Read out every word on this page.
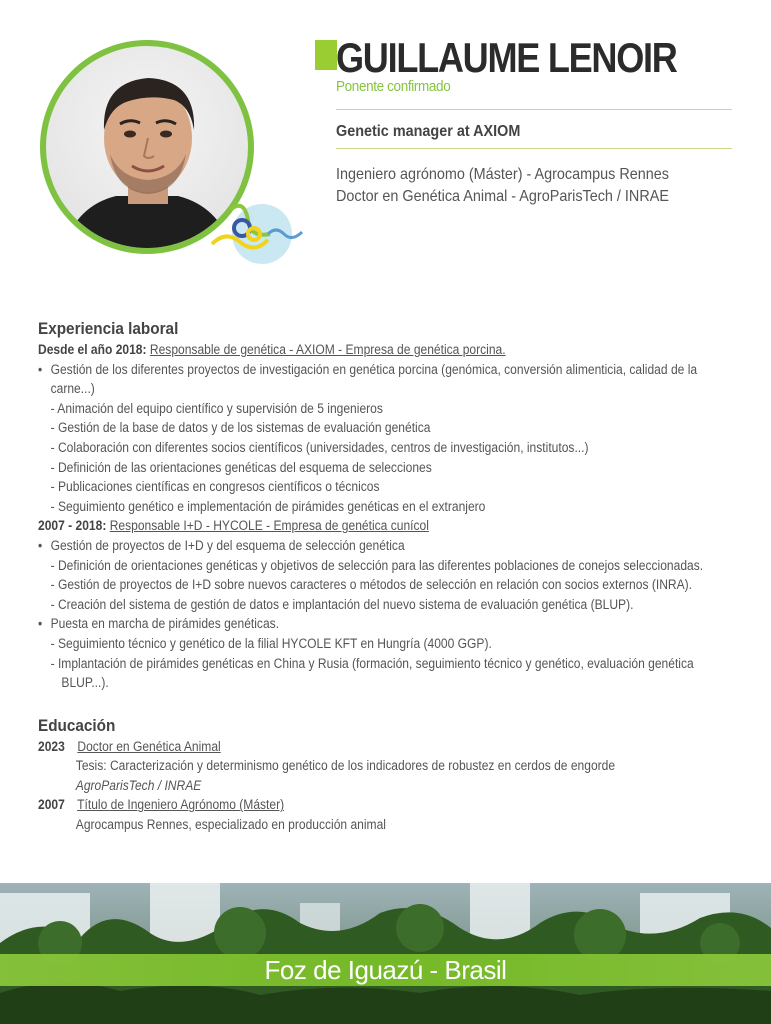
GUILLAUME LENOIR
Ponente confirmado
Genetic manager at AXIOM
Ingeniero agrónomo (Máster) - Agrocampus Rennes
Doctor en Genética Animal - AgroParisTech / INRAE
Experiencia laboral
Desde el año 2018: Responsable de genética - AXIOM - Empresa de genética porcina.
• Gestión de los diferentes proyectos de investigación en genética porcina (genómica, conversión alimenticia, calidad de la carne...)
- Animación del equipo científico y supervisión de 5 ingenieros
- Gestión de la base de datos y de los sistemas de evaluación genética
- Colaboración con diferentes socios científicos (universidades, centros de investigación, institutos...)
- Definición de las orientaciones genéticas del esquema de selecciones
- Publicaciones científicas en congresos científicos o técnicos
- Seguimiento genético e implementación de pirámides genéticas en el extranjero
2007 - 2018: Responsable I+D - HYCOLE - Empresa de genética cunícol
• Gestión de proyectos de I+D y del esquema de selección genética
- Definición de orientaciones genéticas y objetivos de selección para las diferentes poblaciones de conejos seleccionadas.
- Gestión de proyectos de I+D sobre nuevos caracteres o métodos de selección en relación con socios externos (INRA).
- Creación del sistema de gestión de datos e implantación del nuevo sistema de evaluación genética (BLUP).
• Puesta en marcha de pirámides genéticas.
- Seguimiento técnico y genético de la filial HYCOLE KFT en Hungría (4000 GGP).
- Implantación de pirámides genéticas en China y Rusia (formación, seguimiento técnico y genético, evaluación genética BLUP...).
Educación
2023 Doctor en Genética Animal
Tesis: Caracterización y determinismo genético de los indicadores de robustez en cerdos de engorde
AgroParisTech / INRAE
2007 Título de Ingeniero Agrónomo (Máster)
Agrocampus Rennes, especializado en producción animal
Foz de Iguazú - Brasil
